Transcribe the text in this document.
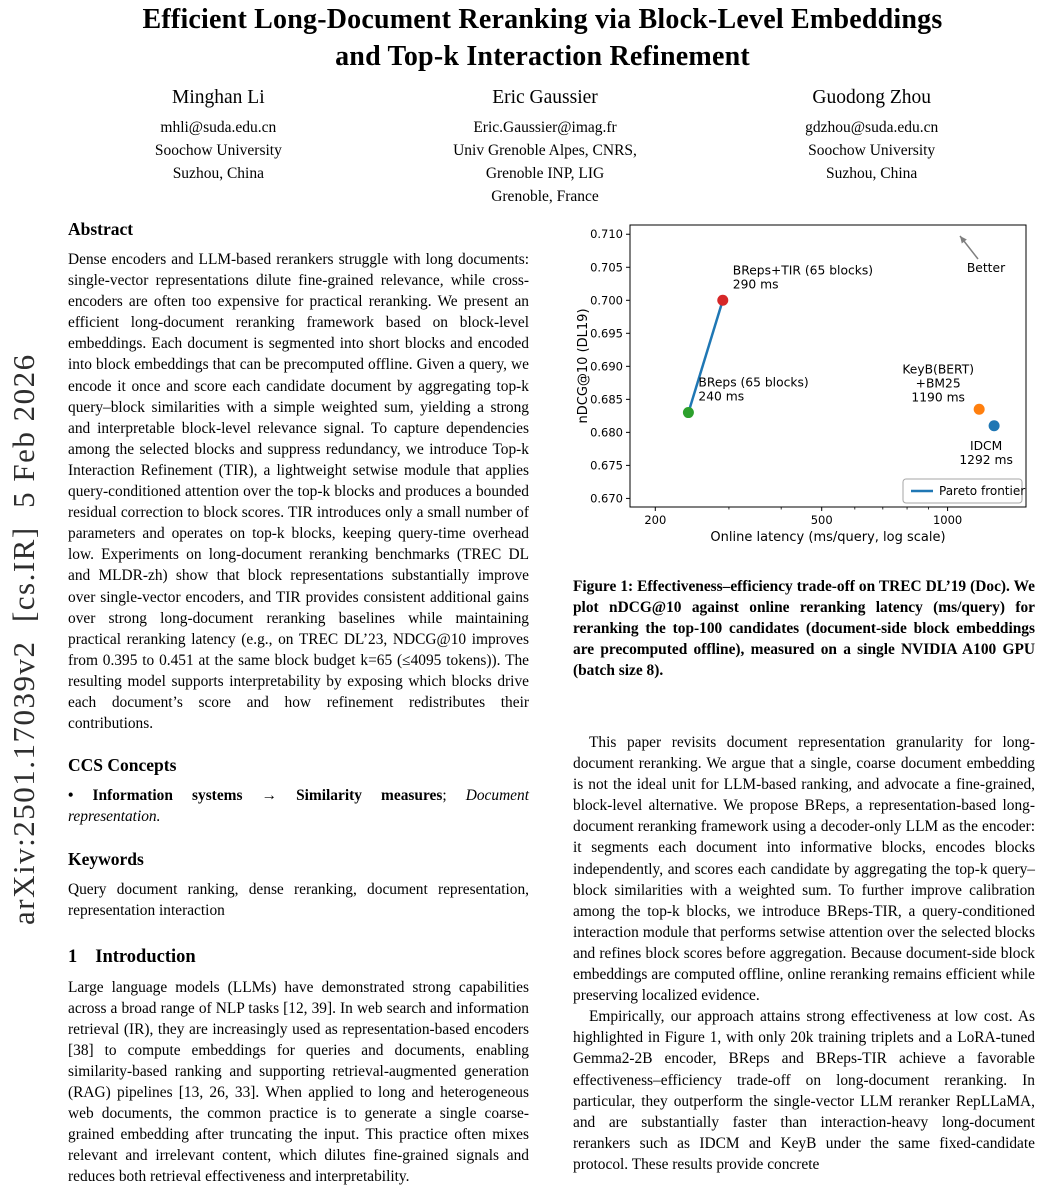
arXiv:2501.17039v2  [cs.IR]  5 Feb 2026
Efficient Long-Document Reranking via Block-Level Embeddings
and Top-k Interaction Refinement
Minghan Li
mhli@suda.edu.cn
Soochow University
Suzhou, China
Eric Gaussier
Eric.Gaussier@imag.fr
Univ Grenoble Alpes, CNRS,
Grenoble INP, LIG
Grenoble, France
Guodong Zhou
gdzhou@suda.edu.cn
Soochow University
Suzhou, China
Abstract
Dense encoders and LLM-based rerankers struggle with long documents: single-vector representations dilute fine-grained relevance, while cross-encoders are often too expensive for practical reranking. We present an efficient long-document reranking framework based on block-level embeddings. Each document is segmented into short blocks and encoded into block embeddings that can be precomputed offline. Given a query, we encode it once and score each candidate document by aggregating top-k query–block similarities with a simple weighted sum, yielding a strong and interpretable block-level relevance signal. To capture dependencies among the selected blocks and suppress redundancy, we introduce Top-k Interaction Refinement (TIR), a lightweight setwise module that applies query-conditioned attention over the top-k blocks and produces a bounded residual correction to block scores. TIR introduces only a small number of parameters and operates on top-k blocks, keeping query-time overhead low. Experiments on long-document reranking benchmarks (TREC DL and MLDR-zh) show that block representations substantially improve over single-vector encoders, and TIR provides consistent additional gains over strong long-document reranking baselines while maintaining practical reranking latency (e.g., on TREC DL’23, NDCG@10 improves from 0.395 to 0.451 at the same block budget k=65 (≤4095 tokens)). The resulting model supports interpretability by exposing which blocks drive each document’s score and how refinement redistributes their contributions.
CCS Concepts
• Information systems → Similarity measures; Document representation.
Keywords
Query document ranking, dense reranking, document representation, representation interaction
1 Introduction
Large language models (LLMs) have demonstrated strong capabilities across a broad range of NLP tasks [12, 39]. In web search and information retrieval (IR), they are increasingly used as representation-based encoders [38] to compute embeddings for queries and documents, enabling similarity-based ranking and supporting retrieval-augmented generation (RAG) pipelines [13, 26, 33]. When applied to long and heterogeneous web documents, the common practice is to generate a single coarse-grained embedding after truncating the input. This practice often mixes relevant and irrelevant content, which dilutes fine-grained signals and reduces both retrieval effectiveness and interpretability.
0.670
0.675
0.680
0.685
0.690
0.695
0.700
0.705
0.710
200	500	1000
Online latency (ms/query, log scale)
nDCG@10 (DL19)	BReps (65 blocks)
240 ms
BReps+TIR (65 blocks)
290 ms
KeyB(BERT)
+BM25
1190 ms
IDCM
1292 ms
Better
Pareto frontier
Figure 1: Effectiveness–efficiency trade-off on TREC DL’19 (Doc). We plot nDCG@10 against online reranking latency (ms/query) for reranking the top-100 candidates (document-side block embeddings are precomputed offline), measured on a single NVIDIA A100 GPU (batch size 8).
This paper revisits document representation granularity for long-document reranking. We argue that a single, coarse document embedding is not the ideal unit for LLM-based ranking, and advocate a fine-grained, block-level alternative. We propose BReps, a representation-based long-document reranking framework using a decoder-only LLM as the encoder: it segments each document into informative blocks, encodes blocks independently, and scores each candidate by aggregating the top-k query–block similarities with a weighted sum. To further improve calibration among the top-k blocks, we introduce BReps-TIR, a query-conditioned interaction module that performs setwise attention over the selected blocks and refines block scores before aggregation. Because document-side block embeddings are computed offline, online reranking remains efficient while preserving localized evidence.
Empirically, our approach attains strong effectiveness at low cost. As highlighted in Figure 1, with only 20k training triplets and a LoRA-tuned Gemma2-2B encoder, BReps and BReps-TIR achieve a favorable effectiveness–efficiency trade-off on long-document reranking. In particular, they outperform the single-vector LLM reranker RepLLaMA, and are substantially faster than interaction-heavy long-document rerankers such as IDCM and KeyB under the same fixed-candidate protocol. These results provide concrete
